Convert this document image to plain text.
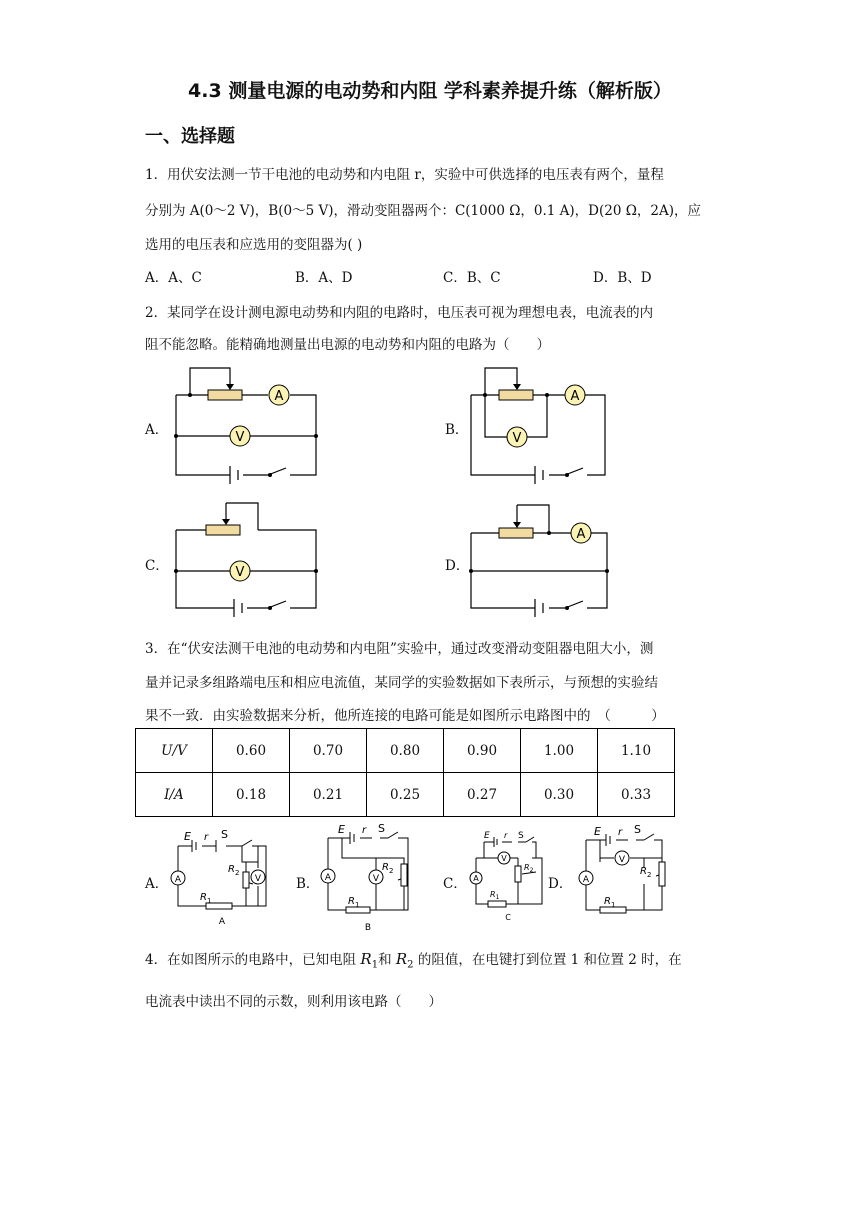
4.3 测量电源的电动势和内阻 学科素养提升练（解析版）
一、选择题
1．用伏安法测一节干电池的电动势和内电阻 r，实验中可供选择的电压表有两个，量程
分别为 A(0～2 V)，B(0～5 V)，滑动变阻器两个：C(1000 Ω，0.1 A)，D(20 Ω，2A)，应
选用的电压表和应选用的变阻器为( )
A．A、C	B．A、D	C．B、C	D．B、D
2．某同学在设计测电源电动势和内阻的电路时，电压表可视为理想电表，电流表的内
阻不能忽略。能精确地测量出电源的电动势和内阻的电路为（　　）
A．	B．
C．	D．
A
V
A
V
V
A
3．在“伏安法测干电池的电动势和内电阻”实验中，通过改变滑动变阻器电阻大小，测
量并记录多组路端电压和相应电流值，某同学的实验数据如下表所示，与预想的实验结
果不一致．由实验数据来分析，他所连接的电路可能是如图所示电路图中的　（　　　）
U/V	0.60	0.70	0.80	0.90	1.00	1.10
I/A	0.18	0.21	0.25	0.27	0.30	0.33
A．	B．	C．	D．
A	V
E r S
$R_2$
$R_1$
A
A	V
E r S
$R_2$
$R_1$
B
A
V
E r S
$R_2$
$R_1$
C
A
V
E r S
$R_2$
$R_1$
4．在如图所示的电路中，已知电阻 $R_1$和 $R_2$ 的阻值，在电键打到位置 1 和位置 2 时，在
电流表中读出不同的示数，则利用该电路（　　）
